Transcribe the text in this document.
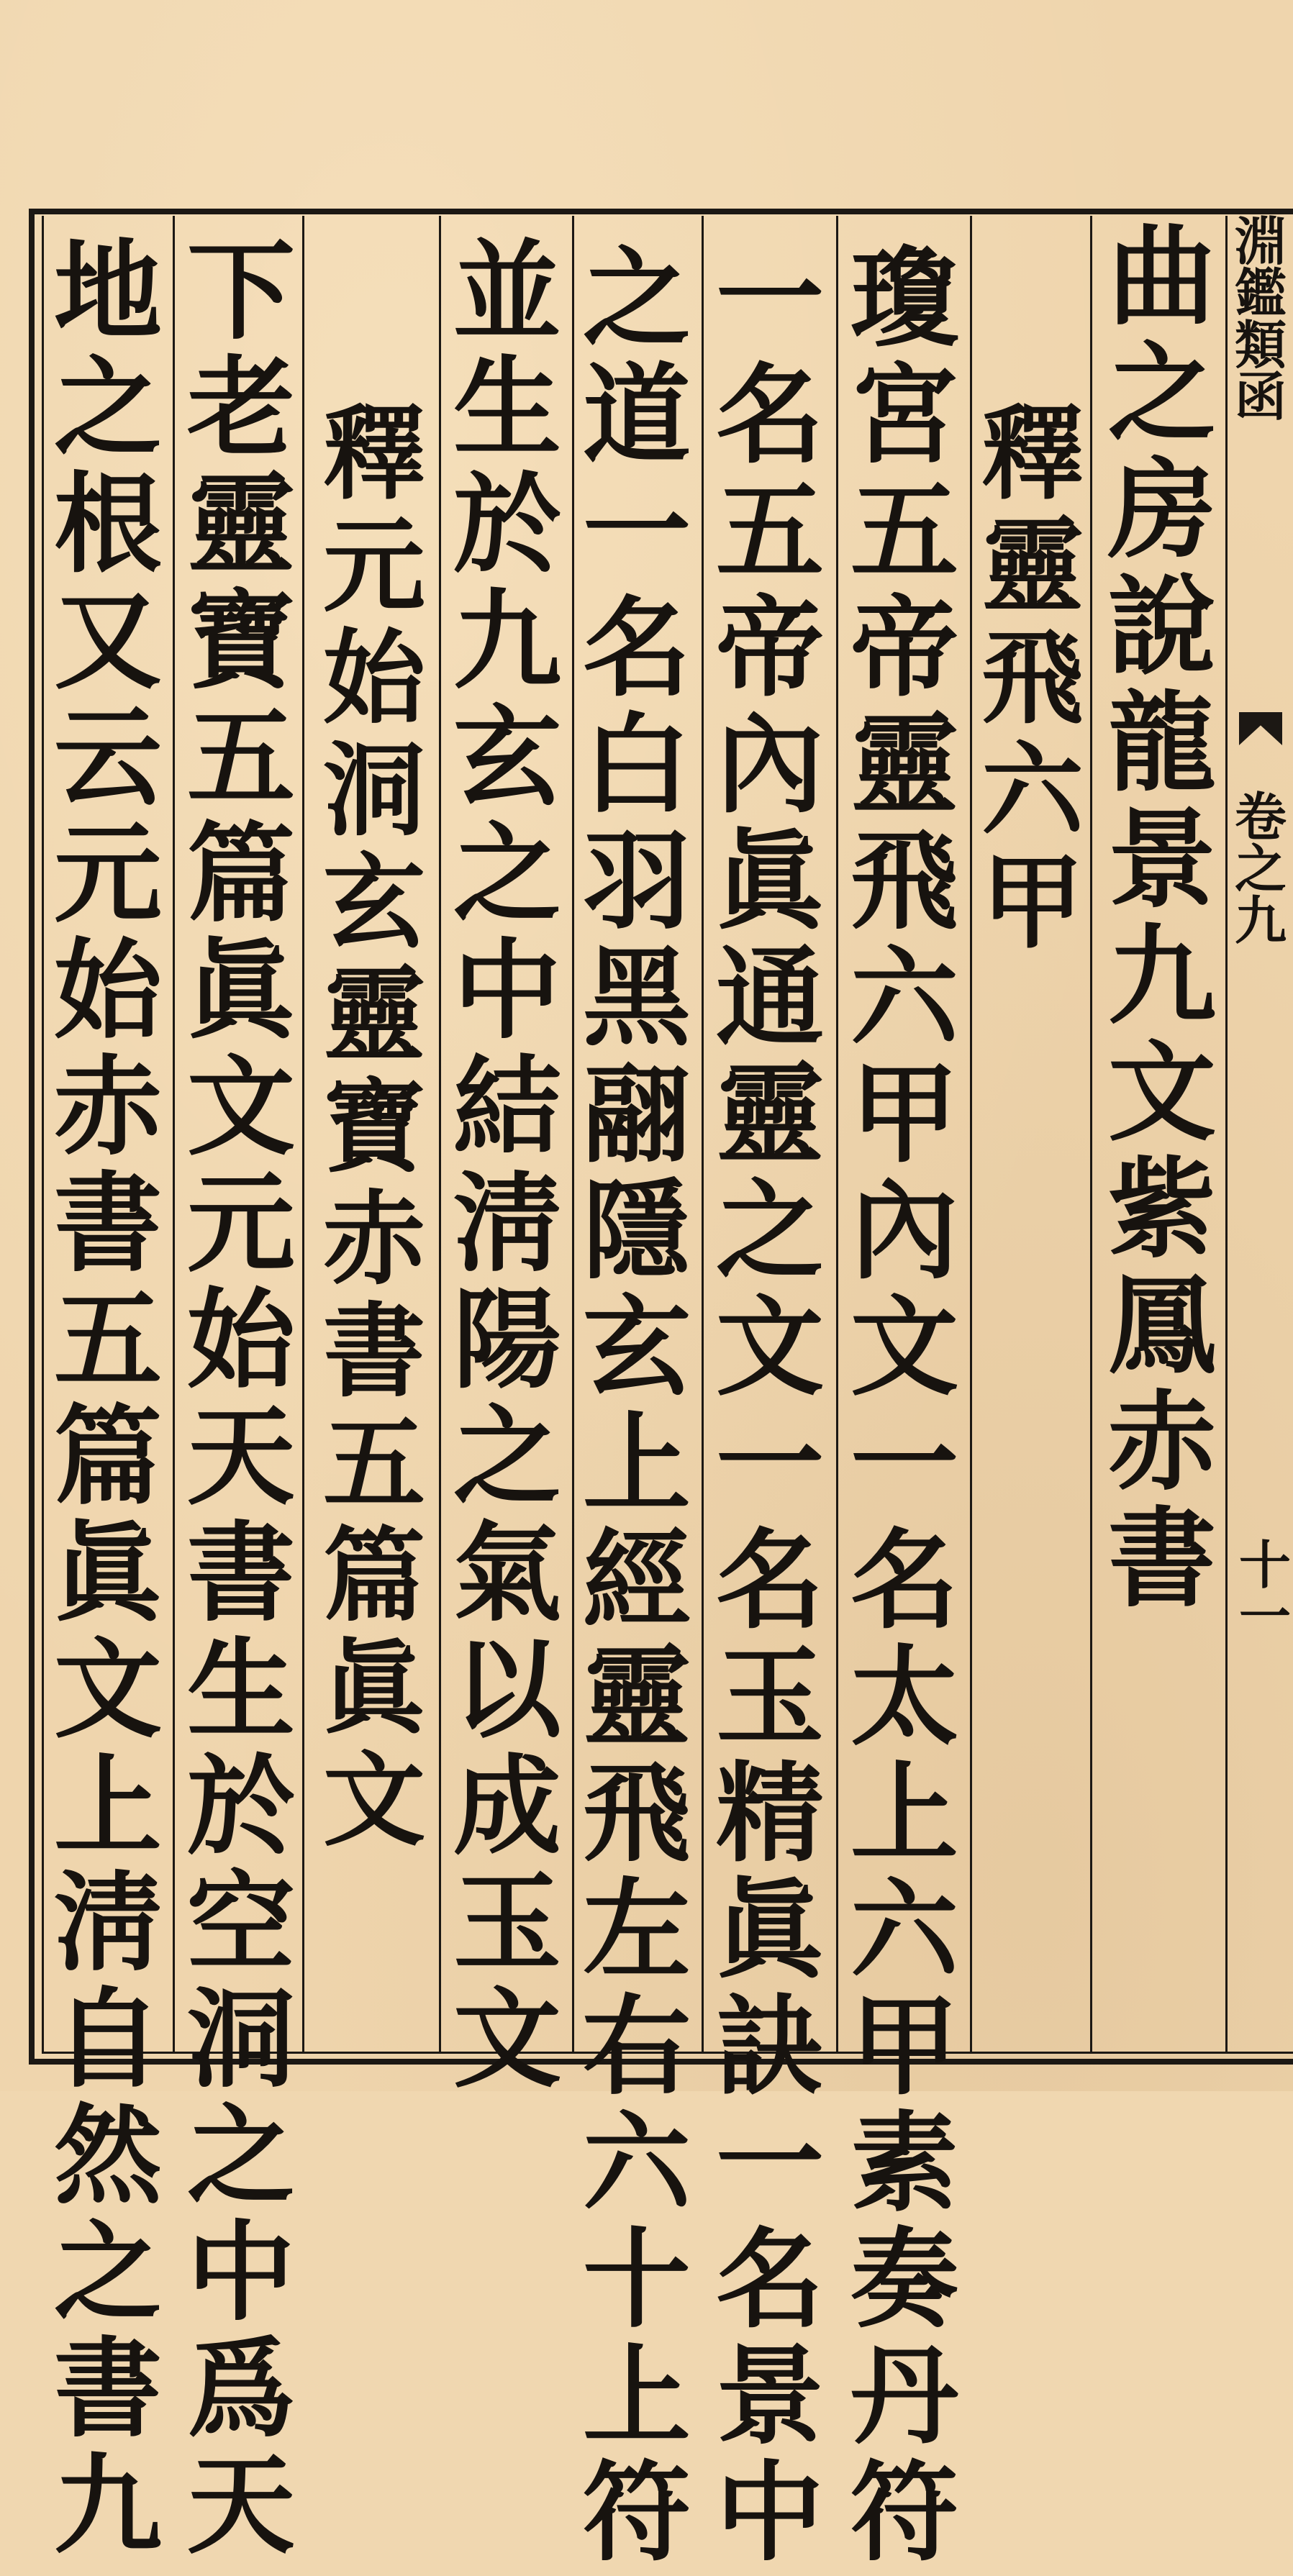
淵
鑑
類
函
卷
之
九
十
一
曲
之
房
說
龍
景
九
文
紫
鳳
赤
書
釋
靈
飛
六
甲
瓊
宮
五
帝
靈
飛
六
甲
內
文
一
名
太
上
六
甲
素
奏
丹
符
一
名
五
帝
內
眞
通
靈
之
文
一
名
玉
精
眞
訣
一
名
景
中
之
道
一
名
白
羽
黑
翮
隱
玄
上
經
靈
飛
左
右
六
十
上
符
並
生
於
九
玄
之
中
結
淸
陽
之
氣
以
成
玉
文
釋
元
始
洞
玄
靈
寶
赤
書
五
篇
眞
文
下
老
靈
寶
五
篇
眞
文
元
始
天
書
生
於
空
洞
之
中
爲
天
地
之
根
又
云
元
始
赤
書
五
篇
眞
文
上
淸
自
然
之
書
九
